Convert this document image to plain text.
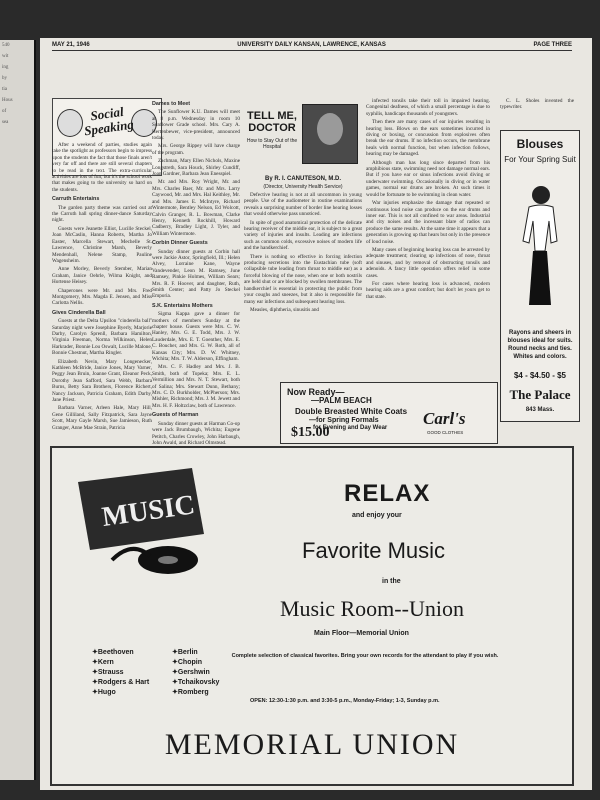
540
wit
ing
by
tia
Hous
of
sea
MAY 21, 1946	UNIVERSITY DAILY KANSAN, LAWRENCE, KANSAS	PAGE THREE
Social Speaking

After a weekend of parties, studies again take the spotlight as professors begin to impress upon the students the fact that those finals aren't very far off and there are still several chapters to be read in the text. The extra-curricular activities are lots of fun, but it's the school work that makes going to the university so hard on the students.

Carruth Entertains

The garden party theme was carried out at the Carruth hall spring dinner-dance Saturday night.

Guests were Jeanette Elliot, Lucille Steckel, Joan McCaslin, Hanna Roberts, Martha Jo Easter, Marcella Stewart, Mechelle St. Lawrence, Christine Marsh, Beverly Mendenhall, Nelene Stamp, Pauline Wagensheim.

Anne Morley, Beverly Stember, Marian Graham, Janice Oehrle, Wilma Knight, and Hortense Heisey.

Chaperones were Mr. and Mrs. Fred Montgomery, Mrs. Magda E. Jensen, and Miss Carlotta Nellis.

Gives Cinderella Ball

Guests at the Delta Upsilon "cinderella ball" Saturday night were Josephine Byerly, Marjorie Darby, Carolyn Sprenll, Barbara Hamilton, Virginia Freeman, Norma Wilkinson, Helen Harkrader, Bonnie Lou Oswalt, Lucille Malone, Bonnie Chestnut, Martha Ringler.

Elizabeth Nevin, Mary Longenecker, Kathleen McBride, Janice Jones, Mary Varner, Peggy Jean Bruin, Joanne Grant, Eleanor Peck, Dorothy Jean Safford, Sara Webb, Barbara Burns, Betty Sara Brothers, Florence Richert, Nancy Jackson, Patricia Graham, Edith Darby, Jane Priest.

Barbara Varner, Arleen Hale, Mary Hill, Gene Gilliland, Sally Fitzpatrick, Sara Jayne Scott, Mary Gayle Marsh, Sue Jamieson, Ruth Granger, Anne Mae Strain, Patricia

Dames to Meet

The Sunflower K.U. Dames will meet at 8 p.m. Wednesday in room 10 Sunflower Grade school. Mrs. Cary A. Hertenbewer, vice-president, announced today.

Mrs. George Rippey will have charge of the program.

Zachman, Mary Ellen Nichols, Maxine Longstreth, Sara Houck, Shirley Cundiff, Joan Gardner, Barbara Jean Enesspiel.

Mr. and Mrs. Roy Wright, Mr. and Mrs. Charles Baer, Mr. and Mrs. Larry Caywood, Mr. and Mrs. Hal Keithley, Mr. and Mrs. James E. McIntyre, Richard Wintermote, Bentley Nelson, Ed Wolcott, Calvin Granger, R. L. Bowman, Clarke Henry, Kenneth Rockhill, Howard Cadberry, Bradley Light, J. Tyler, and William Wintermote.

Corbin Dinner Guests

Sunday dinner guests at Corbin hall were Jackie Astor, Springfield, Ill.; Helen Alvey, Lorraine Kane, Wayne Vandevender, Leon M. Ramsey, June Ramsey, Pinkie Holmes, William Sears; Mrs. R. F. Hoover, and daughter, Ruth, Smith Center; and Patty Jo Steckel Emporia.

S.K. Entertains Mothers

Sigma Kappa gave a dinner for mothers of members Sunday at the chapter house. Guests were Mrs. C. W. Hanley, Mrs. G. E. Todd, Mrs. J. W. Lauderdale, Mrs. E. T. Goenther, Mrs. E. C. Boucher, and Mrs. G. W. Roth, all of Kansas City; Mrs. D. W. Whitney, Wichita; Mrs. T. W. Alderson, Effingham.

Mrs. C. F. Hadley and Mrs. J. B. Smith, both of Topeka; Mrs. E. L. Vermillion and Mrs. N. T. Stewart, both of Salina; Mrs. Stewart Dunn, Bethany; Mrs. C. D. Burkholder, McPherson; Mrs. Mishler, Richmond; Mrs. J. M. Jewett and Mrs. H. F. Holtzclaw, both of Lawrence.

Guests of Harman

Sunday dinner guests at Harman Co-op were Jack Brumbaugh, Wichita; Eugene Petitch, Charles Crowley, John Harbaugh, John Awald, and Richard Olmstead.

TELL ME, DOCTOR
How to Stay Out of the Hospital
By R. I. CANUTESON, M.D.
(Director, University Health Service)

Defective hearing is not at all uncommon in young people. Use of the audiometer in routine examinations reveals a surprising number of border line hearing losses that would otherwise pass unnoticed.

In spite of good anatomical protection of the delicate hearing receiver of the middle ear, it is subject to a great variety of injuries and insults. Leading are infections such as common colds, excessive noises of modern life and the handkerchief.

There is nothing so effective in forcing infection producing secretions into the Eustachian tube (soft collapsible tube leading from throat to middle ear) as a forceful blowing of the nose, when one or both nostrils are held shut or are blocked by swollen membranes. The handkerchief is essential in protecting the public from your coughs and sneezes, but it also is responsible for many ear infections and subsequent hearing loss.

Measles, diphtheria, sinusitis and

infected tonsils take their toll in impaired hearing. Congenital deafness, of which a small percentage is due to syphilis, handicaps thousands of youngsters.

Then there are many cases of ear injuries resulting in hearing loss. Blows on the ears sometimes incurred in diving or boxing, or concussion from explosives often break the ear drums. If no infection occurs, the membrane heals with normal function, but when infection follows, hearing may be damaged.

Although man has long since departed from his amphibious state, swimming need not damage normal ears. But if you have ear or sinus infections avoid diving or underwater swimming. Occasionally in diving or in water games, normal ear drums are broken. At such times it would be fortunate to be swimming in clean water.

War injuries emphasize the damage that repeated or continuous loud noise can produce on the ear drums and inner ear. This is not all confined to war areas. Industrial and city noises and the incessant blare of radios can produce the same results. At the same time it appears that a generation is growing up that hears but only in the presence of loud noise.

Many cases of beginning hearing loss can be arrested by adequate treatment; clearing up infections of nose, throat and sinuses, and by removal of obstructing tonsils and adenoids. A fancy little operation offers relief in some cases.

For cases where hearing loss is advanced, modern hearing aids are a great comfort; but don't let yours get to that state.

C. L. Sholes invented the typewriter.

Blouses
For Your Spring Suit
Rayons and sheers in blouses ideal for suits. Round necks and ties. Whites and colors.
$4 - $4.50 - $5
The Palace
843 Mass.
Now Ready—
—PALM BEACH
Double Breasted White Coats
—for Spring Formals
for Evening and Day Wear
$15.00
Carl's
GOOD CLOTHES
MUSIC	RELAX
and enjoy your
Favorite Music
in the
Music Room--Union
Main Floor—Memorial Union
Complete selection of classical favorites. Bring your own records for the attendant to play if you wish.
OPEN: 12:30-1:30 p.m. and 3:30-5 p.m., Monday-Friday; 1-3, Sunday p.m.
✦ Beethoven
✦ Kern
✦ Strauss
✦ Rodgers & Hart
✦ Hugo
✦ Berlin
✦ Chopin
✦ Gershwin
✦ Tchaikovsky
✦ Romberg
MEMORIAL UNION
